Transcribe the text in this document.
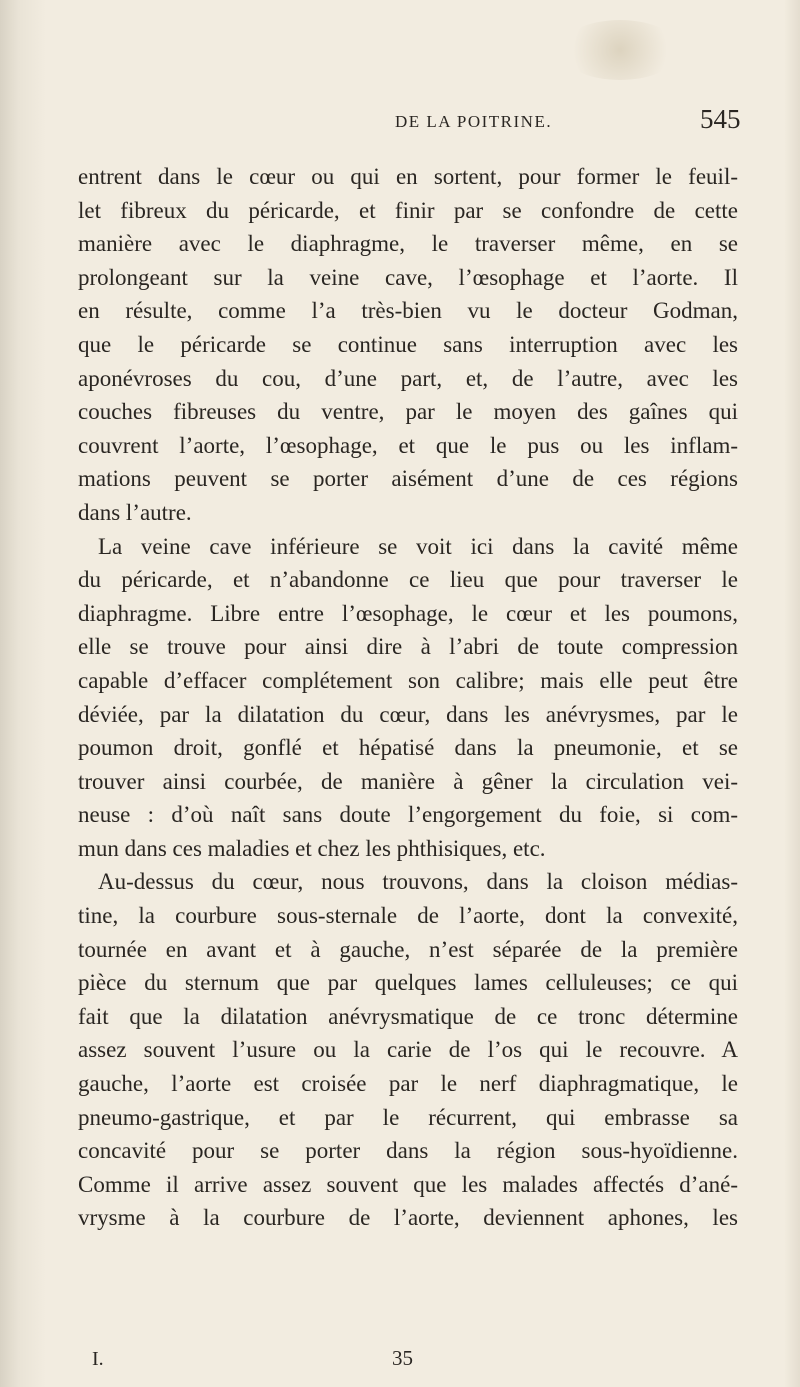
DE LA POITRINE.	545
entrent dans le cœur ou qui en sortent, pour former le feuil-
let fibreux du péricarde, et finir par se confondre de cette
manière avec le diaphragme, le traverser même, en se
prolongeant sur la veine cave, l’œsophage et l’aorte. Il
en résulte, comme l’a très-bien vu le docteur Godman,
que le péricarde se continue sans interruption avec les
aponévroses du cou, d’une part, et, de l’autre, avec les
couches fibreuses du ventre, par le moyen des gaînes qui
couvrent l’aorte, l’œsophage, et que le pus ou les inflam-
mations peuvent se porter aisément d’une de ces régions
dans l’autre.
La veine cave inférieure se voit ici dans la cavité même
du péricarde, et n’abandonne ce lieu que pour traverser le
diaphragme. Libre entre l’œsophage, le cœur et les poumons,
elle se trouve pour ainsi dire à l’abri de toute compression
capable d’effacer complétement son calibre; mais elle peut être
déviée, par la dilatation du cœur, dans les anévrysmes, par le
poumon droit, gonflé et hépatisé dans la pneumonie, et se
trouver ainsi courbée, de manière à gêner la circulation vei-
neuse : d’où naît sans doute l’engorgement du foie, si com-
mun dans ces maladies et chez les phthisiques, etc.
Au-dessus du cœur, nous trouvons, dans la cloison médias-
tine, la courbure sous-sternale de l’aorte, dont la convexité,
tournée en avant et à gauche, n’est séparée de la première
pièce du sternum que par quelques lames celluleuses; ce qui
fait que la dilatation anévrysmatique de ce tronc détermine
assez souvent l’usure ou la carie de l’os qui le recouvre. A
gauche, l’aorte est croisée par le nerf diaphragmatique, le
pneumo-gastrique, et par le récurrent, qui embrasse sa
concavité pour se porter dans la région sous-hyoïdienne.
Comme il arrive assez souvent que les malades affectés d’ané-
vrysme à la courbure de l’aorte, deviennent aphones, les
I.	35
